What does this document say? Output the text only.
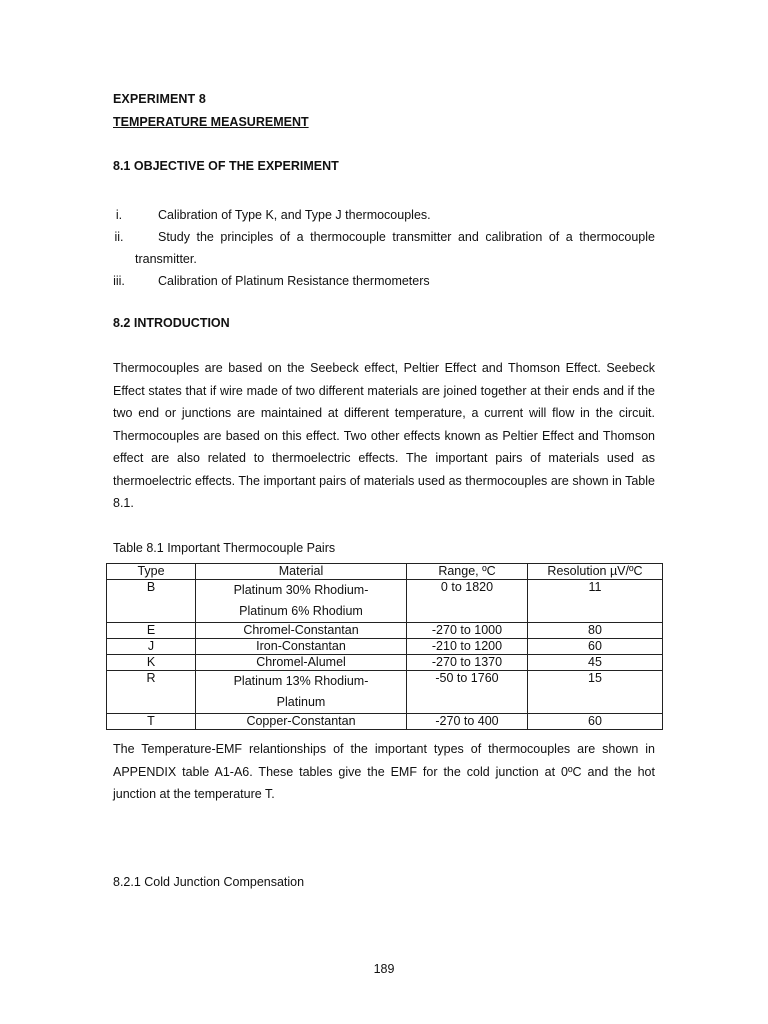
EXPERIMENT 8
TEMPERATURE MEASUREMENT
8.1 OBJECTIVE OF THE EXPERIMENT
i.	Calibration of Type K, and Type J thermocouples.
ii.	Study the principles of a thermocouple transmitter and calibration of a thermocouple
transmitter.
iii.	Calibration of Platinum Resistance thermometers
8.2 INTRODUCTION
Thermocouples are based on the Seebeck effect, Peltier Effect and Thomson Effect. Seebeck Effect states that if wire made of two different materials are joined together at their ends and if the two end or junctions are maintained at different temperature, a current will flow in the circuit. Thermocouples are based on this effect. Two other effects known as Peltier Effect and Thomson effect are also related to thermoelectric effects. The important pairs of materials used as thermoelectric effects. The important pairs of materials used as thermocouples are shown in Table 8.1.
Table 8.1 Important Thermocouple Pairs
Type	Material	Range, ºC	Resolution µV/ºC
B	Platinum 30% Rhodium-
Platinum 6% Rhodium	0 to 1820	11
E	Chromel-Constantan	-270 to 1000	80
J	Iron-Constantan	-210 to 1200	60
K	Chromel-Alumel	-270 to 1370	45
R	Platinum 13% Rhodium-
Platinum	-50 to 1760	15
T	Copper-Constantan	-270 to 400	60
The Temperature-EMF relantionships of the important types of thermocouples are shown in APPENDIX table A1-A6. These tables give the EMF for the cold junction at 0ºC and the hot junction at the temperature T.
8.2.1 Cold Junction Compensation
189
